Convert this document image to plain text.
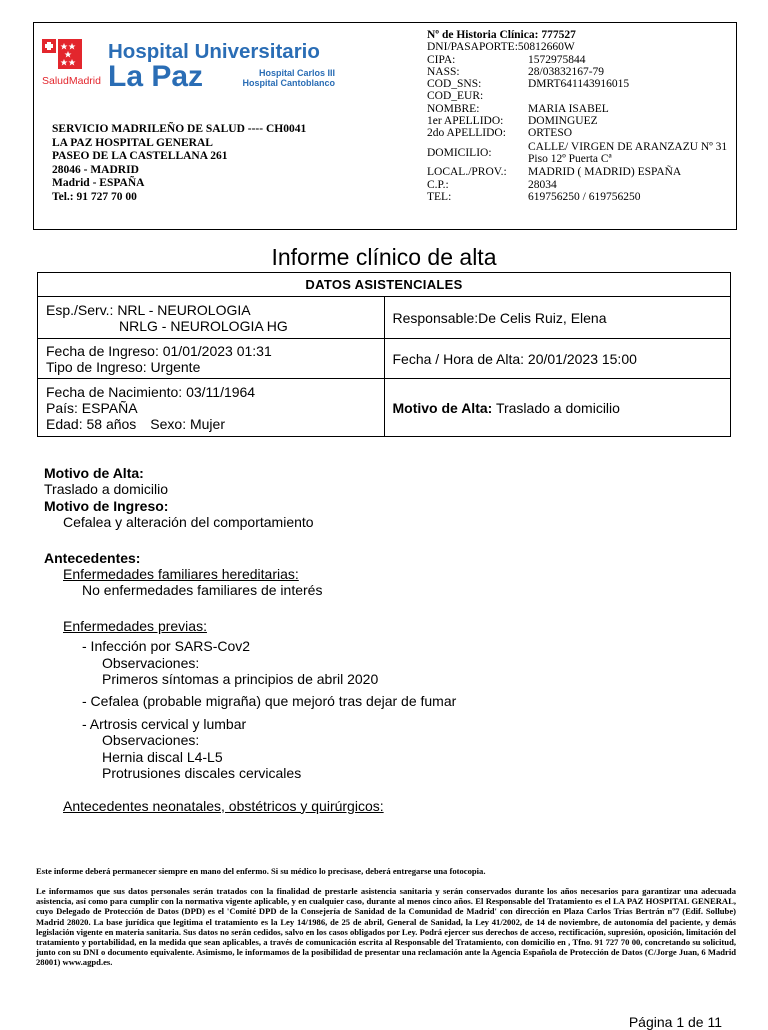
SaludMadrid
Hospital Universitario
La Paz	Hospital Carlos III
Hospital Cantoblanco
SERVICIO MADRILEÑO DE SALUD ---- CH0041
LA PAZ HOSPITAL GENERAL
PASEO DE LA CASTELLANA 261
28046 - MADRID
Madrid - ESPAÑA
Tel.: 91 727 70 00
Nº de Historia Clínica: 777527
DNI/PASAPORTE:50812660W
CIPA:	1572975844
NASS:	28/03832167-79
COD_SNS:	DMRT641143916015
COD_EUR:
NOMBRE:	MARIA ISABEL
1er APELLIDO:	DOMINGUEZ
2do APELLIDO:	ORTESO
DOMICILIO:
CALLE/ VIRGEN DE ARANZAZU Nº 31 Piso 12º Puerta Cª
LOCAL./PROV.:	MADRID ( MADRID) ESPAÑA
C.P.:	28034
TEL:	619756250 / 619756250
Informe clínico de alta
DATOS ASISTENCIALES	

Esp./Serv.: NRL - NEUROLOGIA
NRLG - NEUROLOGIA HG	Responsable:De Celis Ruiz, Elena

Fecha de Ingreso: 01/01/2023 01:31
Tipo de Ingreso: Urgente	Fecha / Hora de Alta: 20/01/2023 15:00

Fecha de Nacimiento: 03/11/1964
País: ESPAÑA
Edad: 58 años Sexo: Mujer	Motivo de Alta: Traslado a domicilio
Motivo de Alta:
Traslado a domicilio
Motivo de Ingreso:
Cefalea y alteración del comportamiento
Antecedentes:
Enfermedades familiares hereditarias:
No enfermedades familiares de interés
Enfermedades previas:
- Infección por SARS-Cov2
Observaciones:
Primeros síntomas a principios de abril 2020
- Cefalea (probable migraña) que mejoró tras dejar de fumar
- Artrosis cervical y lumbar
Observaciones:
Hernia discal L4-L5
Protrusiones discales cervicales
Antecedentes neonatales, obstétricos y quirúrgicos:
Este informe deberá permanecer siempre en mano del enfermo. Si su médico lo precisase, deberá entregarse una fotocopia.
Le informamos que sus datos personales serán tratados con la finalidad de prestarle asistencia sanitaria y serán conservados durante los años necesarios para garantizar una adecuada asistencia, así como para cumplir con la normativa vigente aplicable, y en cualquier caso, durante al menos cinco años. El Responsable del Tratamiento es el LA PAZ HOSPITAL GENERAL, cuyo Delegado de Protección de Datos (DPD) es el 'Comité DPD de la Consejería de Sanidad de la Comunidad de Madrid' con dirección en Plaza Carlos Trías Bertrán nº7 (Edif. Sollube) Madrid 28020. La base jurídica que legitima el tratamiento es la Ley 14/1986, de 25 de abril, General de Sanidad, la Ley 41/2002, de 14 de noviembre, de autonomía del paciente, y demás legislación vigente en materia sanitaria. Sus datos no serán cedidos, salvo en los casos obligados por Ley. Podrá ejercer sus derechos de acceso, rectificación, supresión, oposición, limitación del tratamiento y portabilidad, en la medida que sean aplicables, a través de comunicación escrita al Responsable del Tratamiento, con domicilio en , Tfno. 91 727 70 00, concretando su solicitud, junto con su DNI o documento equivalente. Asimismo, le informamos de la posibilidad de presentar una reclamación ante la Agencia Española de Protección de Datos (C/Jorge Juan, 6 Madrid 28001) www.agpd.es.
Página 1 de 11
